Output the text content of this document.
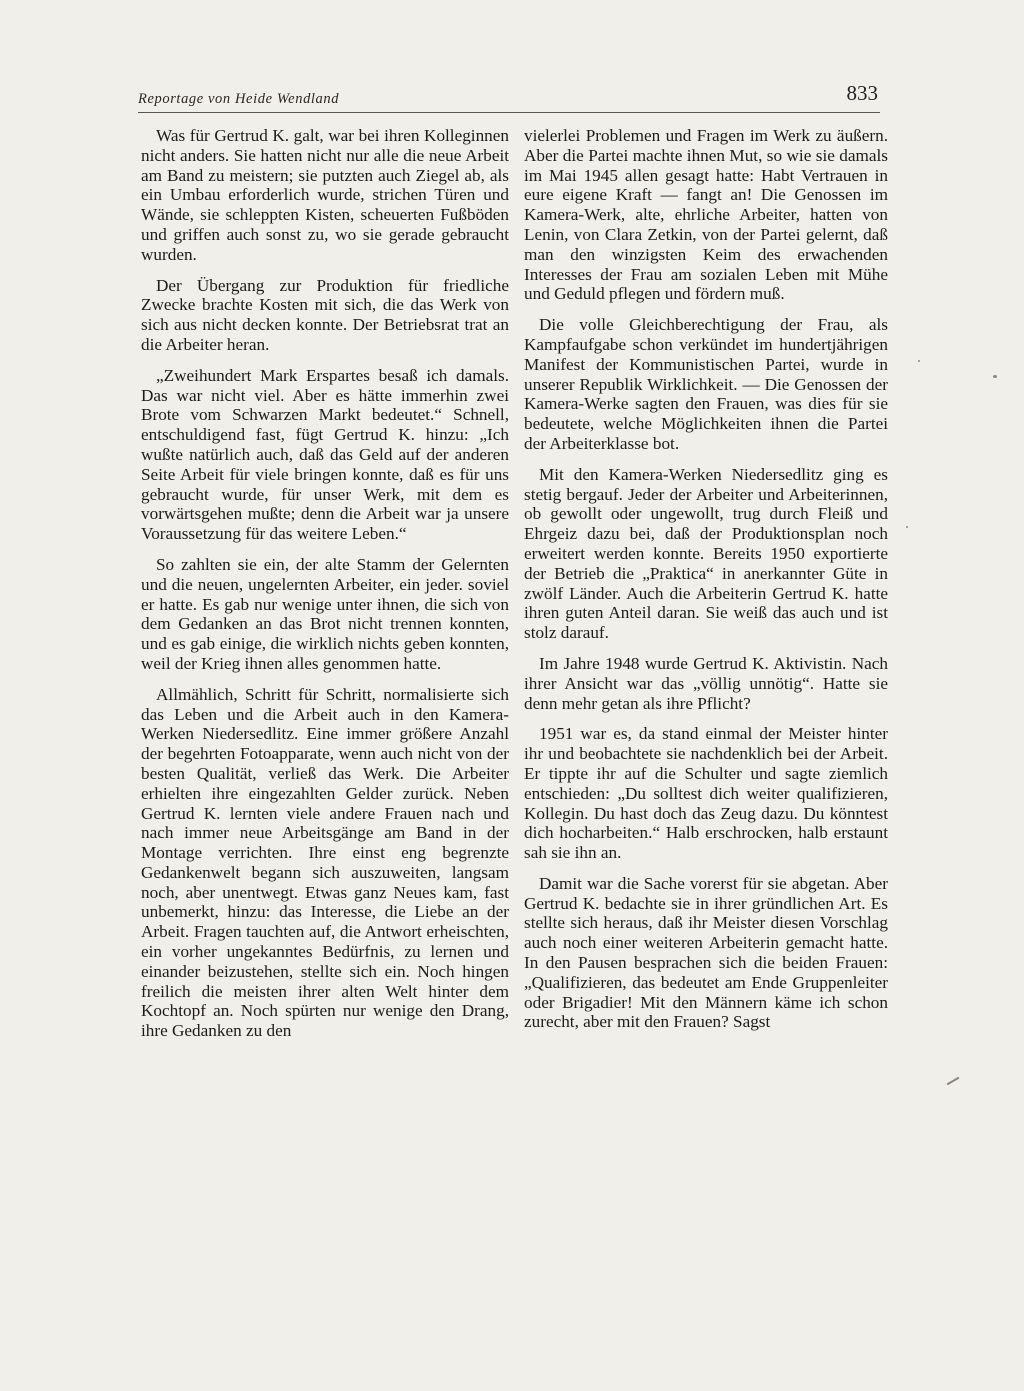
Reportage von Heide Wendland	833

Was für Gertrud K. galt, war bei ihren Kolleginnen nicht anders. Sie hatten nicht nur alle die neue Arbeit am Band zu meistern; sie putzten auch Ziegel ab, als ein Umbau erforderlich wurde, strichen Türen und Wände, sie schleppten Kisten, scheuerten Fußböden und griffen auch sonst zu, wo sie gerade gebraucht wurden.

Der Übergang zur Produktion für friedliche Zwecke brachte Kosten mit sich, die das Werk von sich aus nicht decken konnte. Der Betriebsrat trat an die Arbeiter heran.

„Zweihundert Mark Erspartes besaß ich damals. Das war nicht viel. Aber es hätte immerhin zwei Brote vom Schwarzen Markt bedeutet.“ Schnell, entschuldigend fast, fügt Gertrud K. hinzu: „Ich wußte natürlich auch, daß das Geld auf der anderen Seite Arbeit für viele bringen konnte, daß es für uns gebraucht wurde, für unser Werk, mit dem es vorwärtsgehen mußte; denn die Arbeit war ja unsere Voraussetzung für das weitere Leben.“

So zahlten sie ein, der alte Stamm der Gelernten und die neuen, ungelernten Arbeiter, ein jeder. soviel er hatte. Es gab nur wenige unter ihnen, die sich von dem Gedanken an das Brot nicht trennen konnten, und es gab einige, die wirklich nichts geben konnten, weil der Krieg ihnen alles genommen hatte.

Allmählich, Schritt für Schritt, normalisierte sich das Leben und die Arbeit auch in den Kamera-Werken Niedersedlitz. Eine immer größere Anzahl der begehrten Fotoapparate, wenn auch nicht von der besten Qualität, verließ das Werk. Die Arbeiter erhielten ihre eingezahlten Gelder zurück. Neben Gertrud K. lernten viele andere Frauen nach und nach immer neue Arbeitsgänge am Band in der Montage verrichten. Ihre einst eng begrenzte Gedankenwelt begann sich auszuweiten, langsam noch, aber unentwegt. Etwas ganz Neues kam, fast unbemerkt, hinzu: das Interesse, die Liebe an der Arbeit. Fragen tauchten auf, die Antwort erheischten, ein vorher ungekanntes Bedürfnis, zu lernen und einander beizustehen, stellte sich ein. Noch hingen freilich die meisten ihrer alten Welt hinter dem Kochtopf an. Noch spürten nur wenige den Drang, ihre Gedanken zu den

vielerlei Problemen und Fragen im Werk zu äußern. Aber die Partei machte ihnen Mut, so wie sie damals im Mai 1945 allen gesagt hatte: Habt Vertrauen in eure eigene Kraft — fangt an! Die Genossen im Kamera-Werk, alte, ehrliche Arbeiter, hatten von Lenin, von Clara Zetkin, von der Partei gelernt, daß man den winzigsten Keim des erwachenden Interesses der Frau am sozialen Leben mit Mühe und Geduld pflegen und fördern muß.

Die volle Gleichberechtigung der Frau, als Kampfaufgabe schon verkündet im hundertjährigen Manifest der Kommunistischen Partei, wurde in unserer Republik Wirklichkeit. — Die Genossen der Kamera-Werke sagten den Frauen, was dies für sie bedeutete, welche Möglichkeiten ihnen die Partei der Arbeiterklasse bot.

Mit den Kamera-Werken Niedersedlitz ging es stetig bergauf. Jeder der Arbeiter und Arbeiterinnen, ob gewollt oder ungewollt, trug durch Fleiß und Ehrgeiz dazu bei, daß der Produktionsplan noch erweitert werden konnte. Bereits 1950 exportierte der Betrieb die „Praktica“ in anerkannter Güte in zwölf Länder. Auch die Arbeiterin Gertrud K. hatte ihren guten Anteil daran. Sie weiß das auch und ist stolz darauf.

Im Jahre 1948 wurde Gertrud K. Aktivistin. Nach ihrer Ansicht war das „völlig unnötig“. Hatte sie denn mehr getan als ihre Pflicht?

1951 war es, da stand einmal der Meister hinter ihr und beobachtete sie nachdenklich bei der Arbeit. Er tippte ihr auf die Schulter und sagte ziemlich entschieden: „Du solltest dich weiter qualifizieren, Kollegin. Du hast doch das Zeug dazu. Du könntest dich hocharbeiten.“ Halb erschrocken, halb erstaunt sah sie ihn an.

Damit war die Sache vorerst für sie abgetan. Aber Gertrud K. bedachte sie in ihrer gründlichen Art. Es stellte sich heraus, daß ihr Meister diesen Vorschlag auch noch einer weiteren Arbeiterin gemacht hatte. In den Pausen besprachen sich die beiden Frauen: „Qualifizieren, das bedeutet am Ende Gruppenleiter oder Brigadier! Mit den Männern käme ich schon zurecht, aber mit den Frauen? Sagst
